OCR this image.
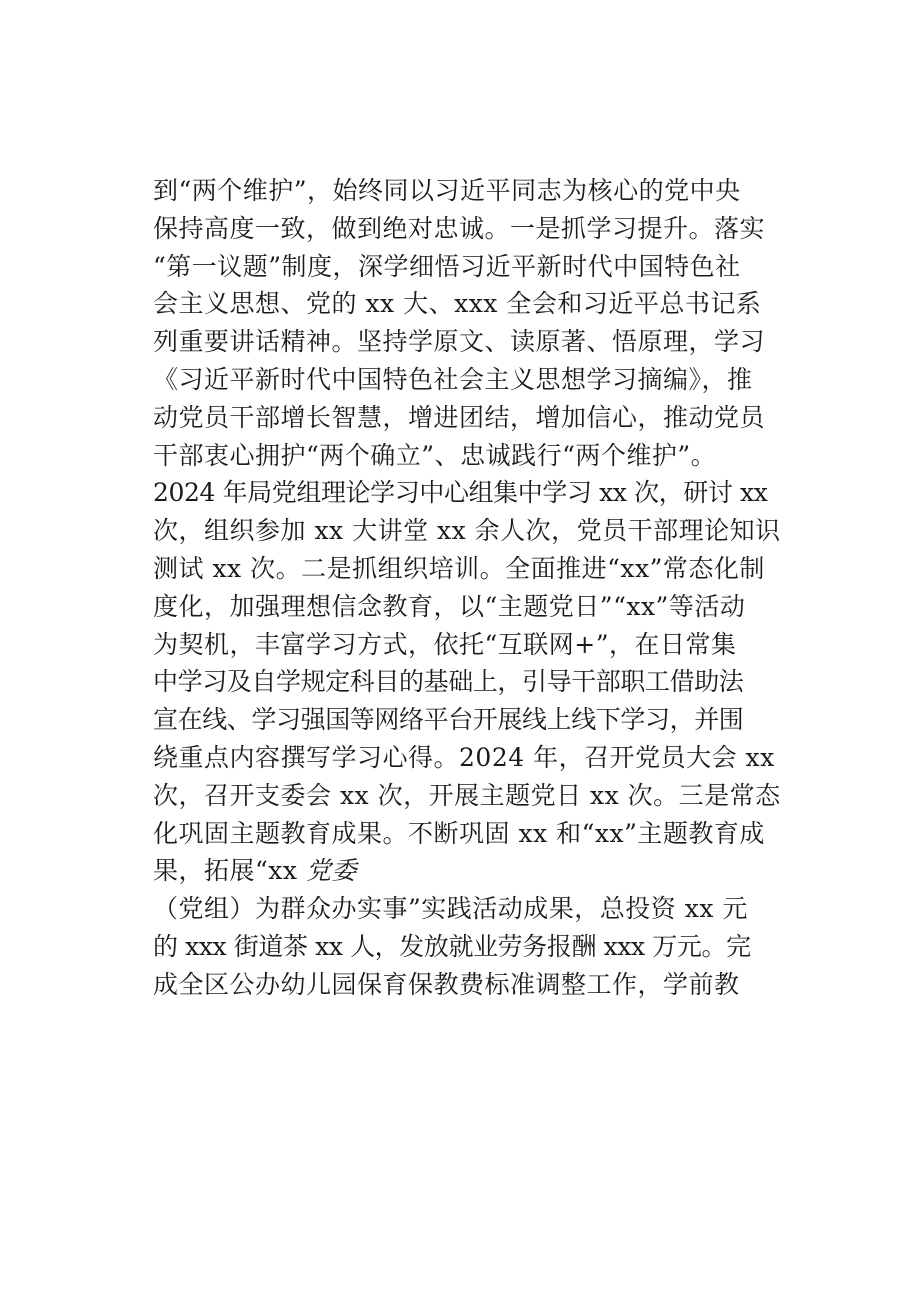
到“两个维护”，始终同以习近平同志为核心的党中央
保持高度一致，做到绝对忠诚。一是抓学习提升。落实
“第一议题”制度，深学细悟习近平新时代中国特色社
会主义思想、党的 xx 大、xxx 全会和习近平总书记系
列重要讲话精神。坚持学原文、读原著、悟原理，学习
《习近平新时代中国特色社会主义思想学习摘编》，推
动党员干部增长智慧，增进团结，增加信心，推动党员
干部衷心拥护“两个确立”、忠诚践行“两个维护”。
2024 年局党组理论学习中心组集中学习 xx 次，研讨 xx
次，组织参加 xx 大讲堂 xx 余人次，党员干部理论知识
测试 xx 次。二是抓组织培训。全面推进“xx”常态化制
度化，加强理想信念教育，以“主题党日”“xx”等活动
为契机，丰富学习方式，依托“互联网+”，在日常集
中学习及自学规定科目的基础上，引导干部职工借助法
宣在线、学习强国等网络平台开展线上线下学习，并围
绕重点内容撰写学习心得。2024 年，召开党员大会 xx
次，召开支委会 xx 次，开展主题党日 xx 次。三是常态
化巩固主题教育成果。不断巩固 xx 和“xx”主题教育成
果，拓展“xx 党委
（党组）为群众办实事”实践活动成果，总投资 xx 元
的 xxx 街道茶 xx 人，发放就业劳务报酬 xxx 万元。完
成全区公办幼儿园保育保教费标准调整工作，学前教
